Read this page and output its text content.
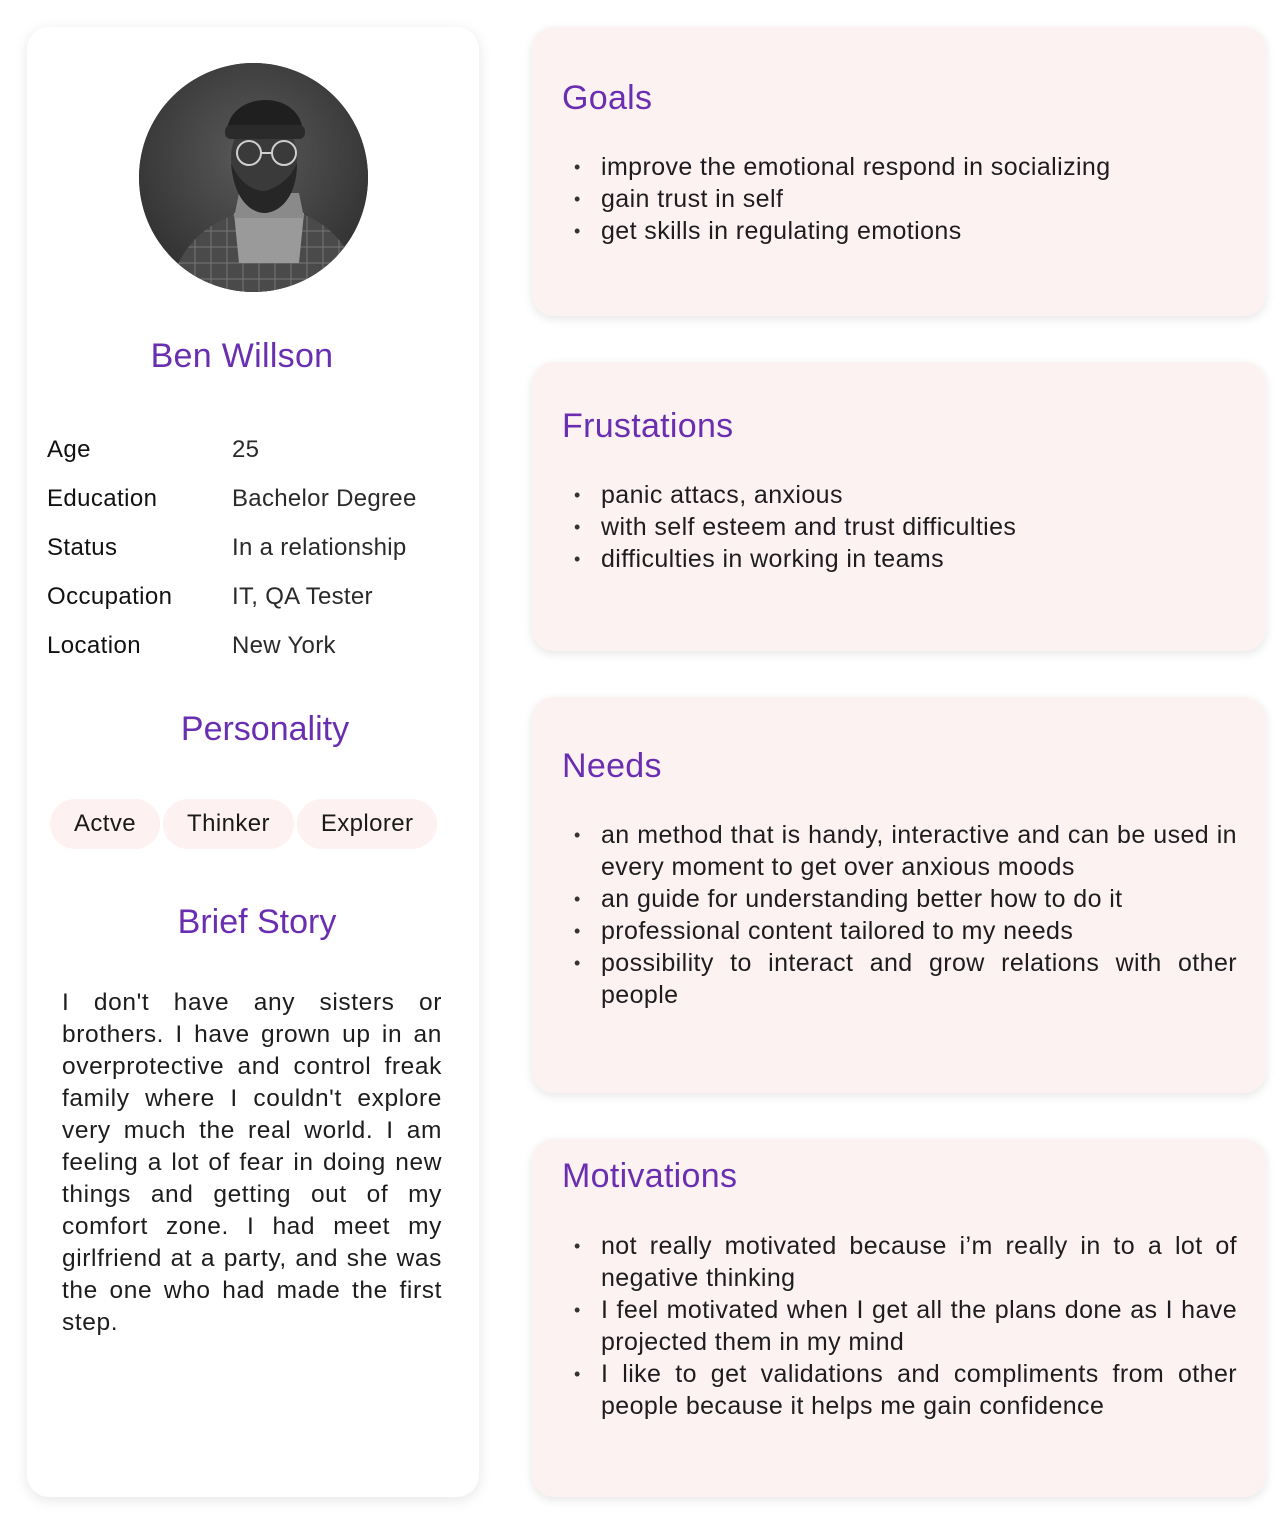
Ben Willson
Age	25
Education	Bachelor Degree
Status	In a relationship
Occupation	IT, QA Tester
Location	New York
Personality
Actve	Thinker	Explorer
Brief Story

I don't have any sisters or brothers. I have grown up in an overprotective and control freak family where I couldn't explore very much the real world. I am feeling a lot of fear in doing new things and getting out of my comfort zone. I had meet my girlfriend at a party, and she was the one who had made the first step.

Goals
• improve the emotional respond in socializing
• gain trust in self
• get skills in regulating emotions
Frustations
• panic attacs, anxious
• with self esteem and trust difficulties
• difficulties in working in teams
Needs
• an method that is handy, interactive and can be used in every moment to get over anxious moods
• an guide for understanding better how to do it
• professional content tailored to my needs
• possibility to interact and grow relations with other people
Motivations
• not really motivated because i’m really in to a lot of negative thinking
• I feel motivated when I get all the plans done as I have projected them in my mind
• I like to get validations and compliments from other people because it helps me gain confidence
